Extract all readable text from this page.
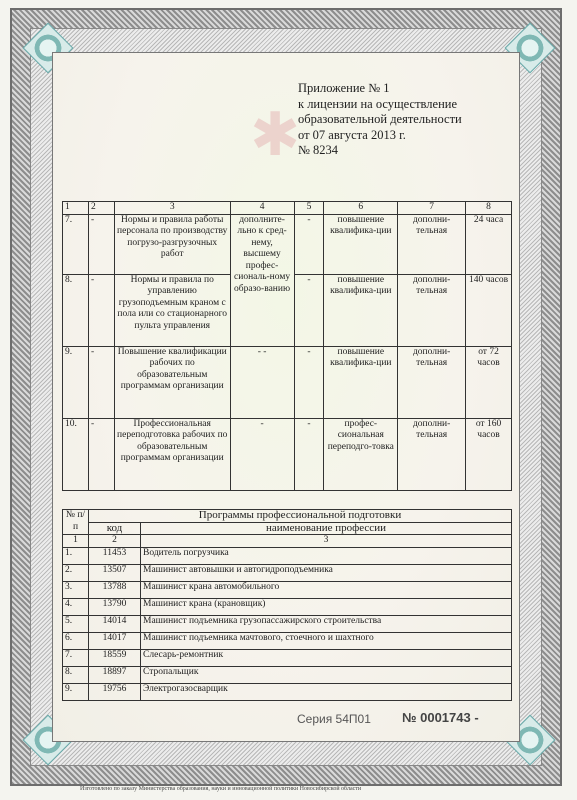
✱
Приложение № 1
к лицензии на осуществление
образовательной деятельности
от 07 августа 2013 г.
№ 8234
1	2	3	4	5	6	7	8
7.	-	Нормы и правила работы персонала по производству погрузо-разгрузочных работ	дополните-льно к сред-нему, высшему профес-сиональ-ному образо-ванию	-	повышение квалифика-ции	дополни-тельная	24 часа
8.	-	Нормы и правила по управлению грузоподъемным краном с пола или со стационарного пульта управления		-	повышение квалифика-ции	дополни-тельная	140 часов
9.	-	Повышение квалификации рабочих по образовательным программам организации	- -	-	повышение квалифика-ции	дополни-тельная	от 72 часов
10.	-	Профессиональная переподготовка рабочих по образовательным программам организации	-	-	профес-сиональная переподго-товка	дополни-тельная	от 160 часов
№ п/п	Программы профессиональной подготовки	
	код	наименование профессии
1	2	3
1.	11453	Водитель погрузчика
2.	13507	Машинист автовышки и автогидроподъемника
3.	13788	Машинист крана автомобильного
4.	13790	Машинист крана (крановщик)
5.	14014	Машинист подъемника грузопассажирского строительства
6.	14017	Машинист подъемника мачтового, стоечного и шахтного
7.	18559	Слесарь-ремонтник
8.	18897	Стропальщик
9.	19756	Электрогазосварщик
Серия 54П01 № 0001743 -
Изготовлено по заказу Министерства образования, науки и инновационной политики Новосибирской области
